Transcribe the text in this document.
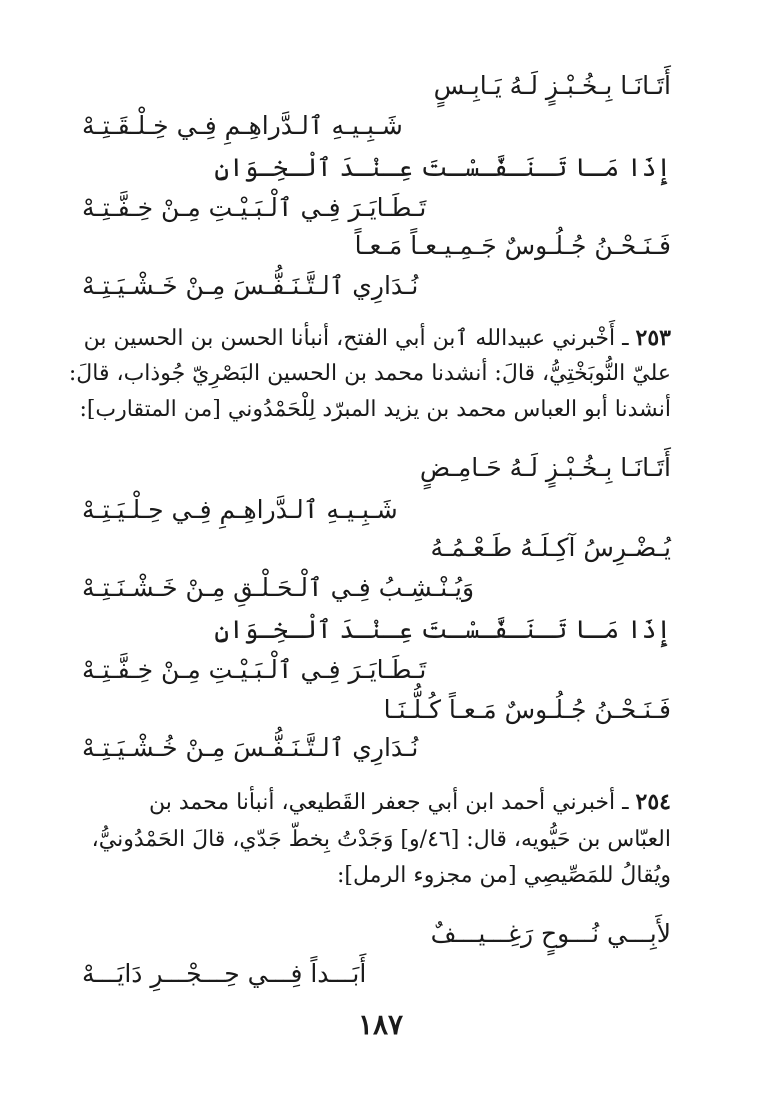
أَتَـانَـا بِـخُـبْـزٍ لَـهُ يَـابِـسٍ
شَـبِـيـهِ ٱلـدَّراهِـمِ فِـي خِـلْـقَـتِـهْ
إِذَا مَـا تَـنَـفَّـسْـتَ عِـنْـدَ ٱلْـخِـوَانِ
تَـطَـايَـرَ فِـي ٱلْـبَـيْـتِ مِـنْ خِـفَّـتِـهْ
فَـنَـحْـنُ جُـلُـوسٌ جَـمِـيـعـاً مَـعـاً
نُـدَارِي ٱلـتَّـنَـفُّـسَ مِـنْ خَـشْـيَـتِـهْ
٢٥٣ ـ أَخْبرني عبيدالله ٱبن أبي الفتح، أنبأنا الحسن بن الحسين بن
عليّ النُّوبَخْتِيُّ، قالَ: أنشدنا محمد بن الحسين البَصْرِيّ جُوذاب، قالَ:
أنشدنا أبو العباس محمد بن يزيد المبرّد لِلْحَمْدُوني [من المتقارب]:
أَتَـانَـا بِـخُـبْـزٍ لَـهُ حَـامِـضٍ
شَـبِـيـهِ ٱلـدَّراهِـمِ فِـي حِـلْـيَـتِـهْ
يُـضْـرِسُ آكِـلَـهُ طَـعْـمُـهُ
وَيُـنْـشِـبُ فِـي ٱلْـحَـلْـقِ مِـنْ خَـشْـنَـتِـهْ
إِذَا مَـا تَـنَـفَّـسْـتَ عِـنْـدَ ٱلْـخِـوَانِ
تَـطَـايَـرَ فِـي ٱلْـبَـيْـتِ مِـنْ خِـفَّـتِـهْ
فَـنَـحْـنُ جُـلُـوسٌ مَـعـاً كُـلُّـنَـا
نُـدَارِي ٱلـتَّـنَـفُّـسَ مِـنْ خُـشْـيَـتِـهْ
٢٥٤ ـ أخبرني أحمد ابن أبي جعفر القَطيعي، أنبأنا محمد بن
العبّاس بن حَيُّويه، قال: [٤٦/و] وَجَدْتُ بِخطّ جَدّي، قالَ الحَمْدُونيُّ،
ويُقالُ للمَصِّيصِي [من مجزوء الرمل]:
لأَبِـــي نُـــوحٍ رَغِـــيـــفٌ
أَبَـــداً فِـــي حِـــجْـــرِ دَايَـــهْ
١٨٧
